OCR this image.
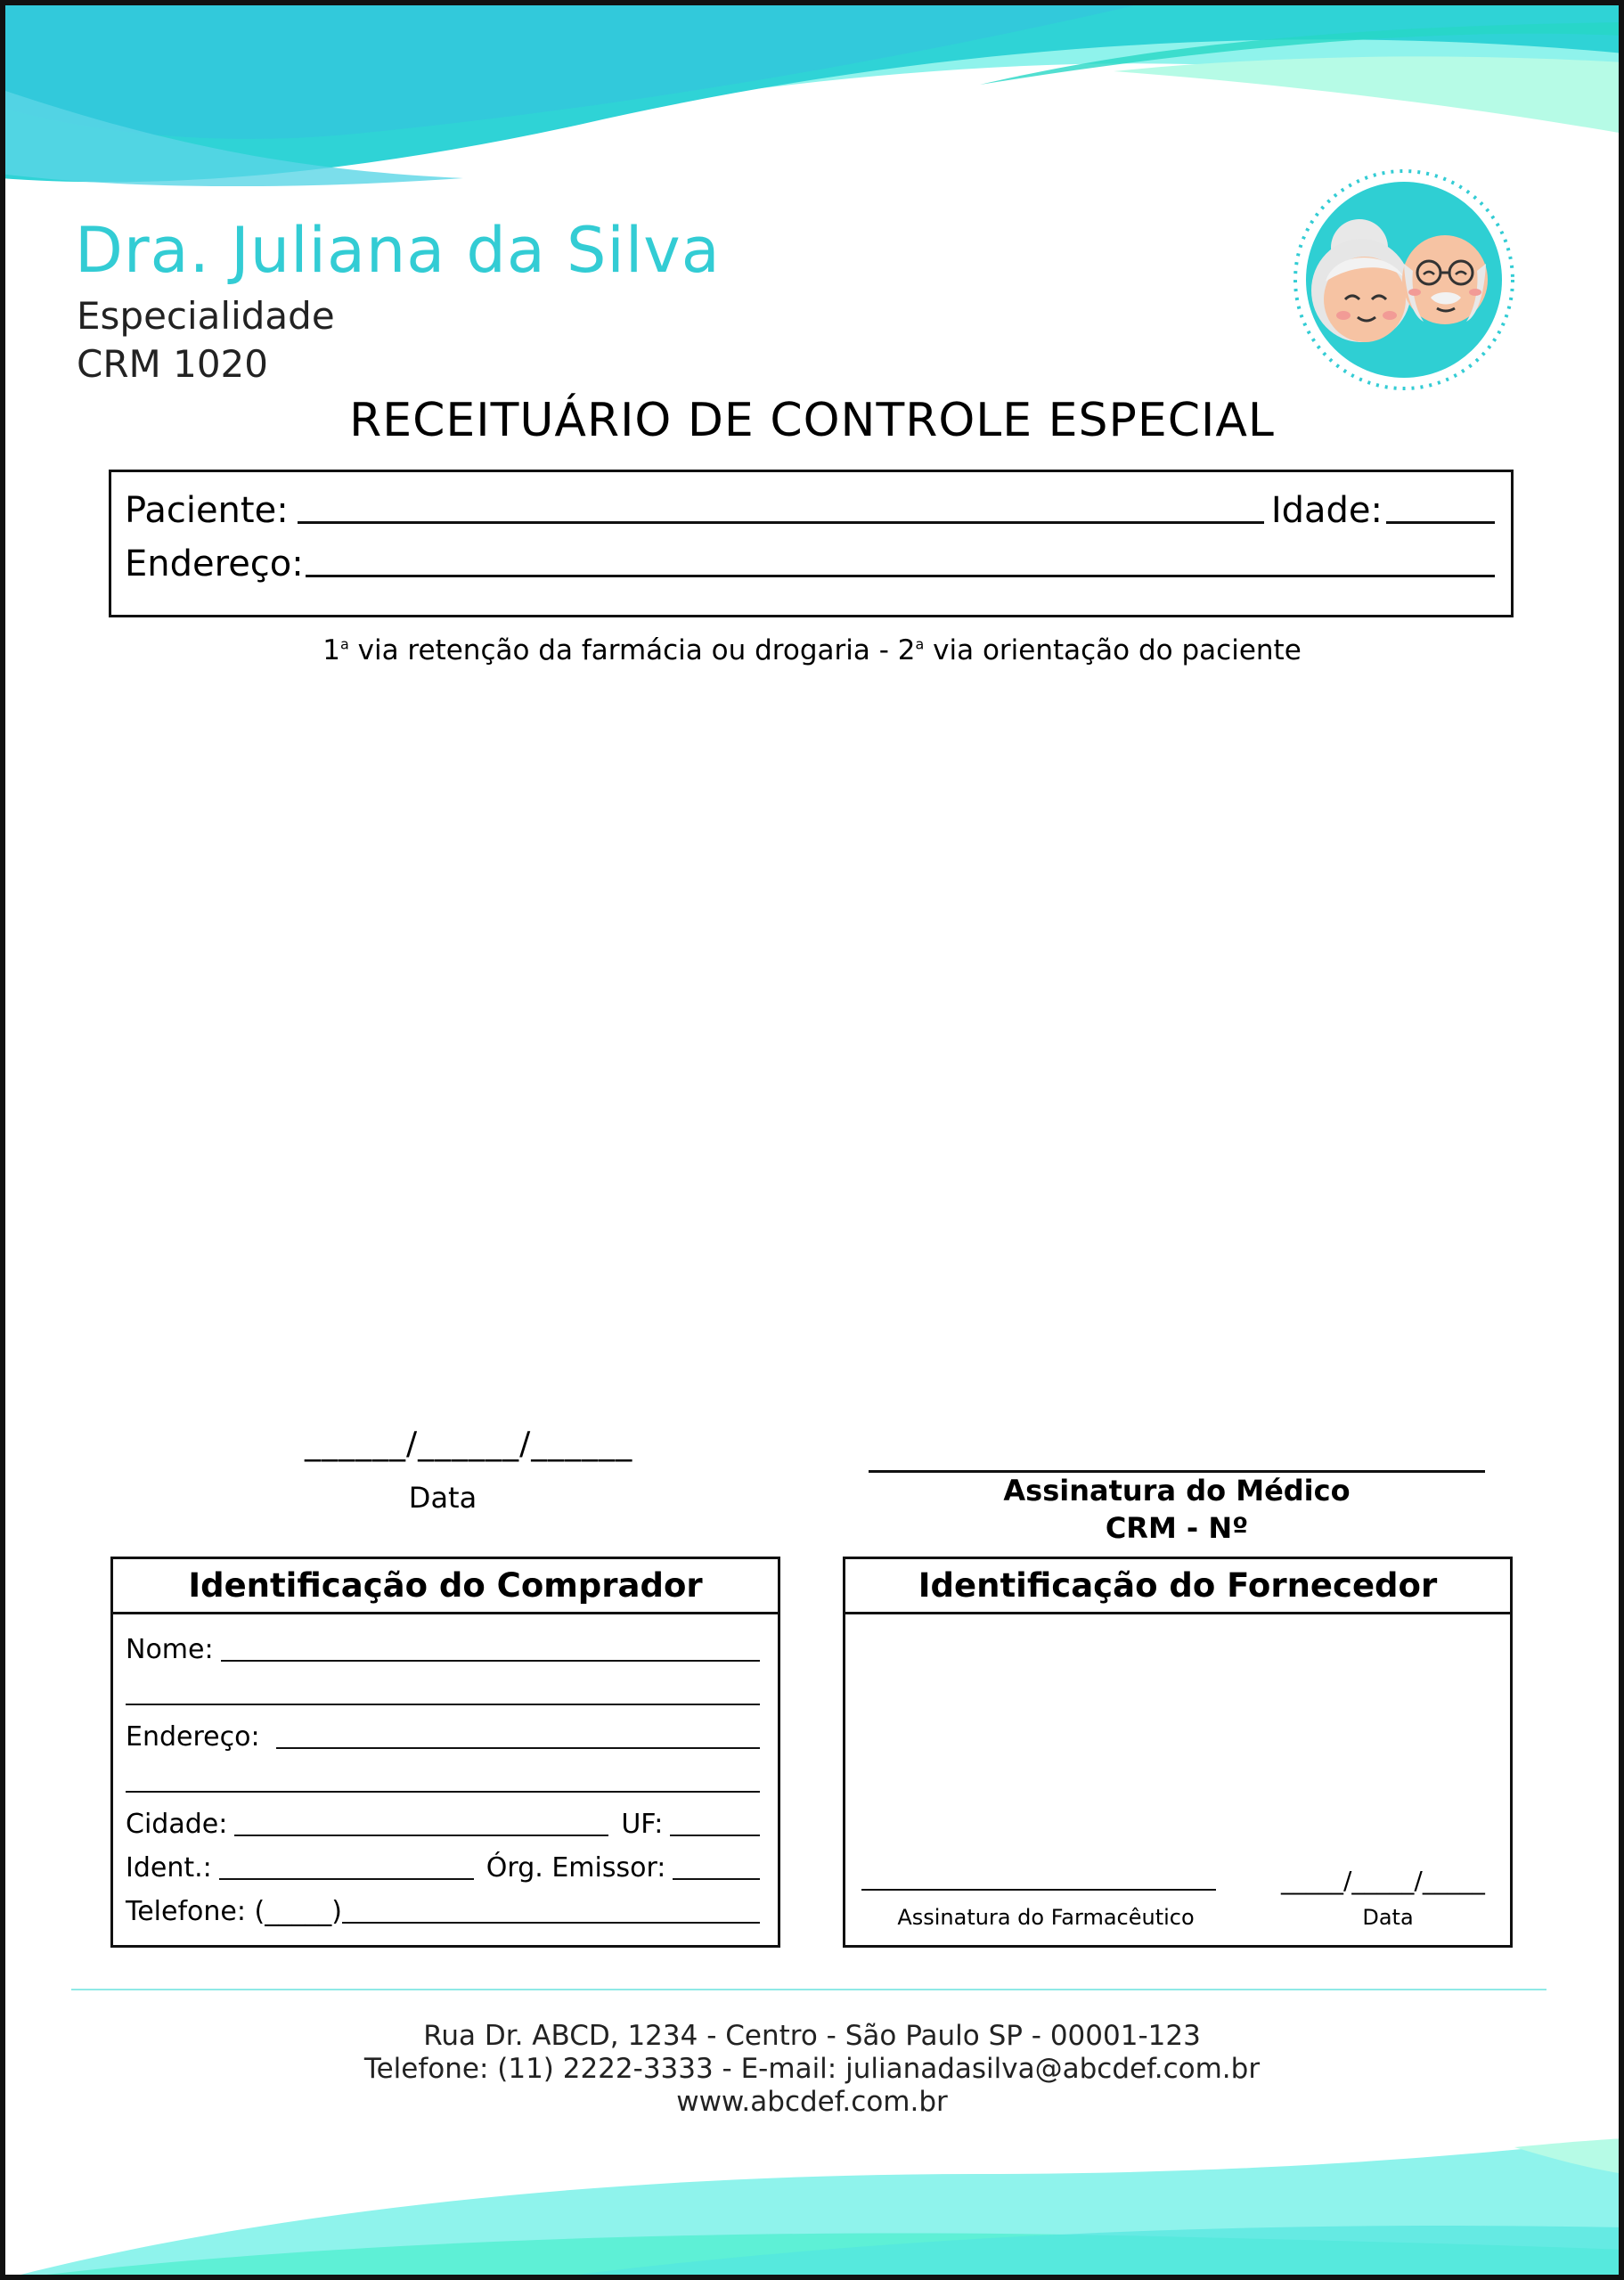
Dra. Juliana da Silva
Especialidade
CRM 1020
RECEITUÁRIO DE CONTROLE ESPECIAL
Paciente:	Idade:
Endereço:
1$^a$ via retenção da farmácia ou drogaria - 2$^a$ via orientação do paciente
______/______/______
Data	Assinatura do Médico
CRM - Nº
Identificação do Comprador
Nome:
Endereço:
Cidade:	UF:
Ident.:	Órg. Emissor:
Telefone: (_____)
Identificação do Fornecedor
Assinatura do Farmacêutico
_____/_____/_____
Data
Rua Dr. ABCD, 1234 - Centro - São Paulo SP - 00001-123
Telefone: (11) 2222-3333 - E-mail: julianadasilva@abcdef.com.br
www.abcdef.com.br
